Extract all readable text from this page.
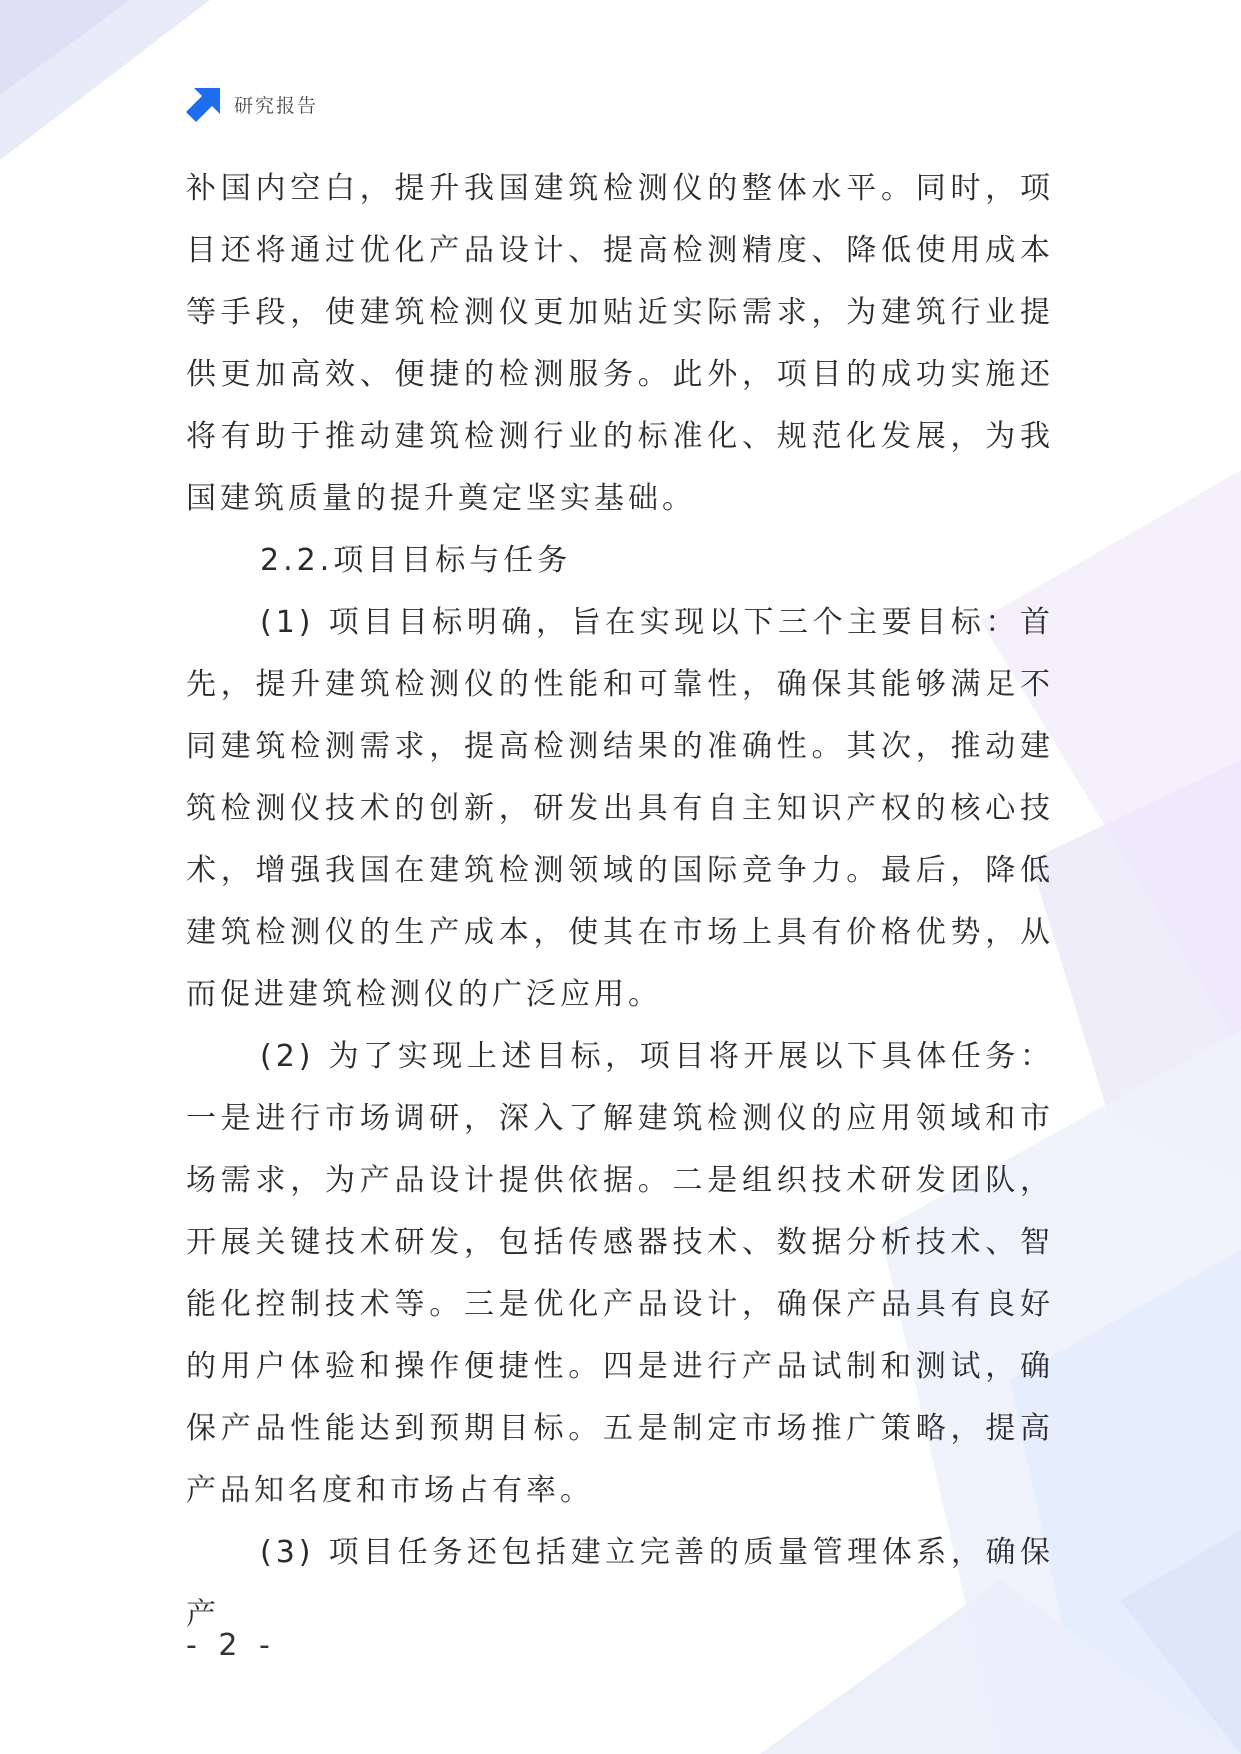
研究报告

补国内空白，提升我国建筑检测仪的整体水平。同时，项目还将通过优化产品设计、提高检测精度、降低使用成本等手段，使建筑检测仪更加贴近实际需求，为建筑行业提供更加高效、便捷的检测服务。此外，项目的成功实施还将有助于推动建筑检测行业的标准化、规范化发展，为我国建筑质量的提升奠定坚实基础。

2.2.项目目标与任务

(1) 项目目标明确，旨在实现以下三个主要目标：首先，提升建筑检测仪的性能和可靠性，确保其能够满足不同建筑检测需求，提高检测结果的准确性。其次，推动建筑检测仪技术的创新，研发出具有自主知识产权的核心技术，增强我国在建筑检测领域的国际竞争力。最后，降低建筑检测仪的生产成本，使其在市场上具有价格优势，从而促进建筑检测仪的广泛应用。

(2) 为了实现上述目标，项目将开展以下具体任务：一是进行市场调研，深入了解建筑检测仪的应用领域和市场需求，为产品设计提供依据。二是组织技术研发团队，开展关键技术研发，包括传感器技术、数据分析技术、智能化控制技术等。三是优化产品设计，确保产品具有良好的用户体验和操作便捷性。四是进行产品试制和测试，确保产品性能达到预期目标。五是制定市场推广策略，提高产品知名度和市场占有率。

(3) 项目任务还包括建立完善的质量管理体系，确保产

- 2 -
